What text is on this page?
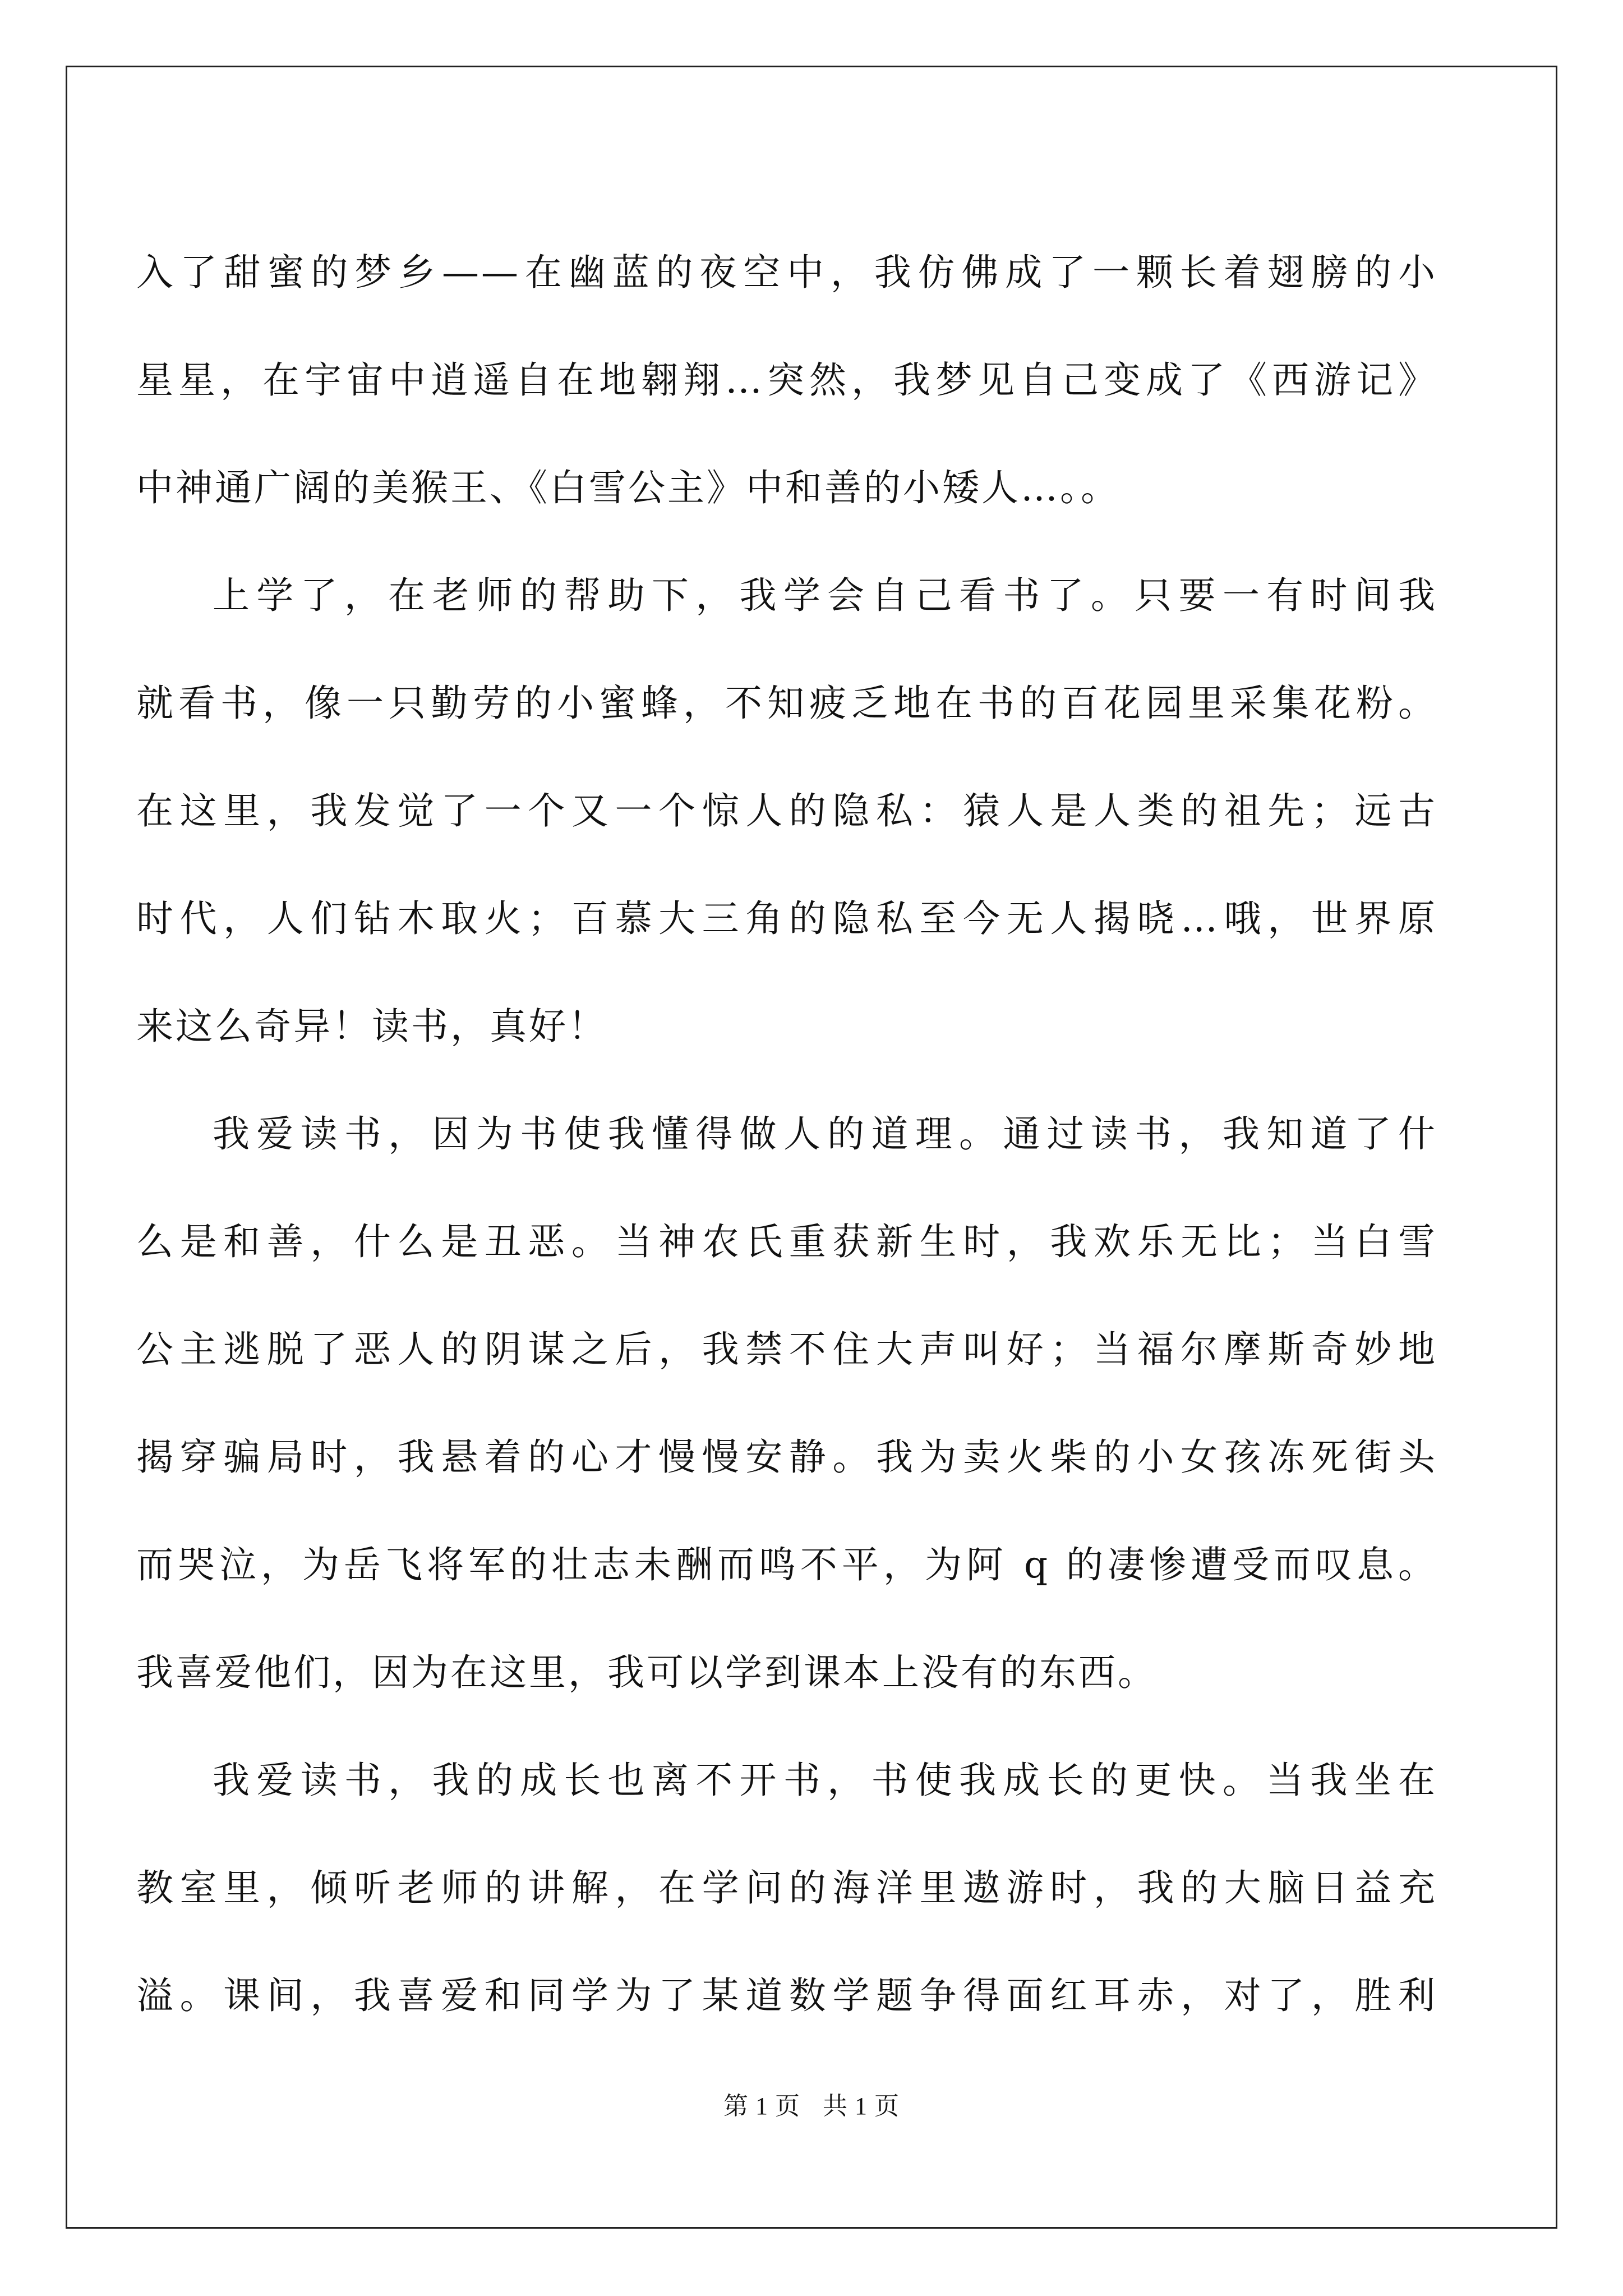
入了甜蜜的梦乡——在幽蓝的夜空中，我仿佛成了一颗长着翅膀的小
星星，在宇宙中逍遥自在地翱翔…突然，我梦见自己变成了《西游记》
中神通广阔的美猴王、《白雪公主》中和善的小矮人…。。
上学了，在老师的帮助下，我学会自己看书了。只要一有时间我
就看书，像一只勤劳的小蜜蜂，不知疲乏地在书的百花园里采集花粉。
在这里，我发觉了一个又一个惊人的隐私：猿人是人类的祖先；远古
时代，人们钻木取火；百慕大三角的隐私至今无人揭晓…哦，世界原
来这么奇异！读书，真好！
我爱读书，因为书使我懂得做人的道理。通过读书，我知道了什
么是和善，什么是丑恶。当神农氏重获新生时，我欢乐无比；当白雪
公主逃脱了恶人的阴谋之后，我禁不住大声叫好；当福尔摩斯奇妙地
揭穿骗局时，我悬着的心才慢慢安静。我为卖火柴的小女孩冻死街头
而哭泣，为岳飞将军的壮志未酬而鸣不平，为阿 q 的凄惨遭受而叹息。
我喜爱他们，因为在这里，我可以学到课本上没有的东西。
我爱读书，我的成长也离不开书，书使我成长的更快。当我坐在
教室里，倾听老师的讲解，在学问的海洋里遨游时，我的大脑日益充
溢。课间，我喜爱和同学为了某道数学题争得面红耳赤，对了，胜利
第 1 页 共 1 页
